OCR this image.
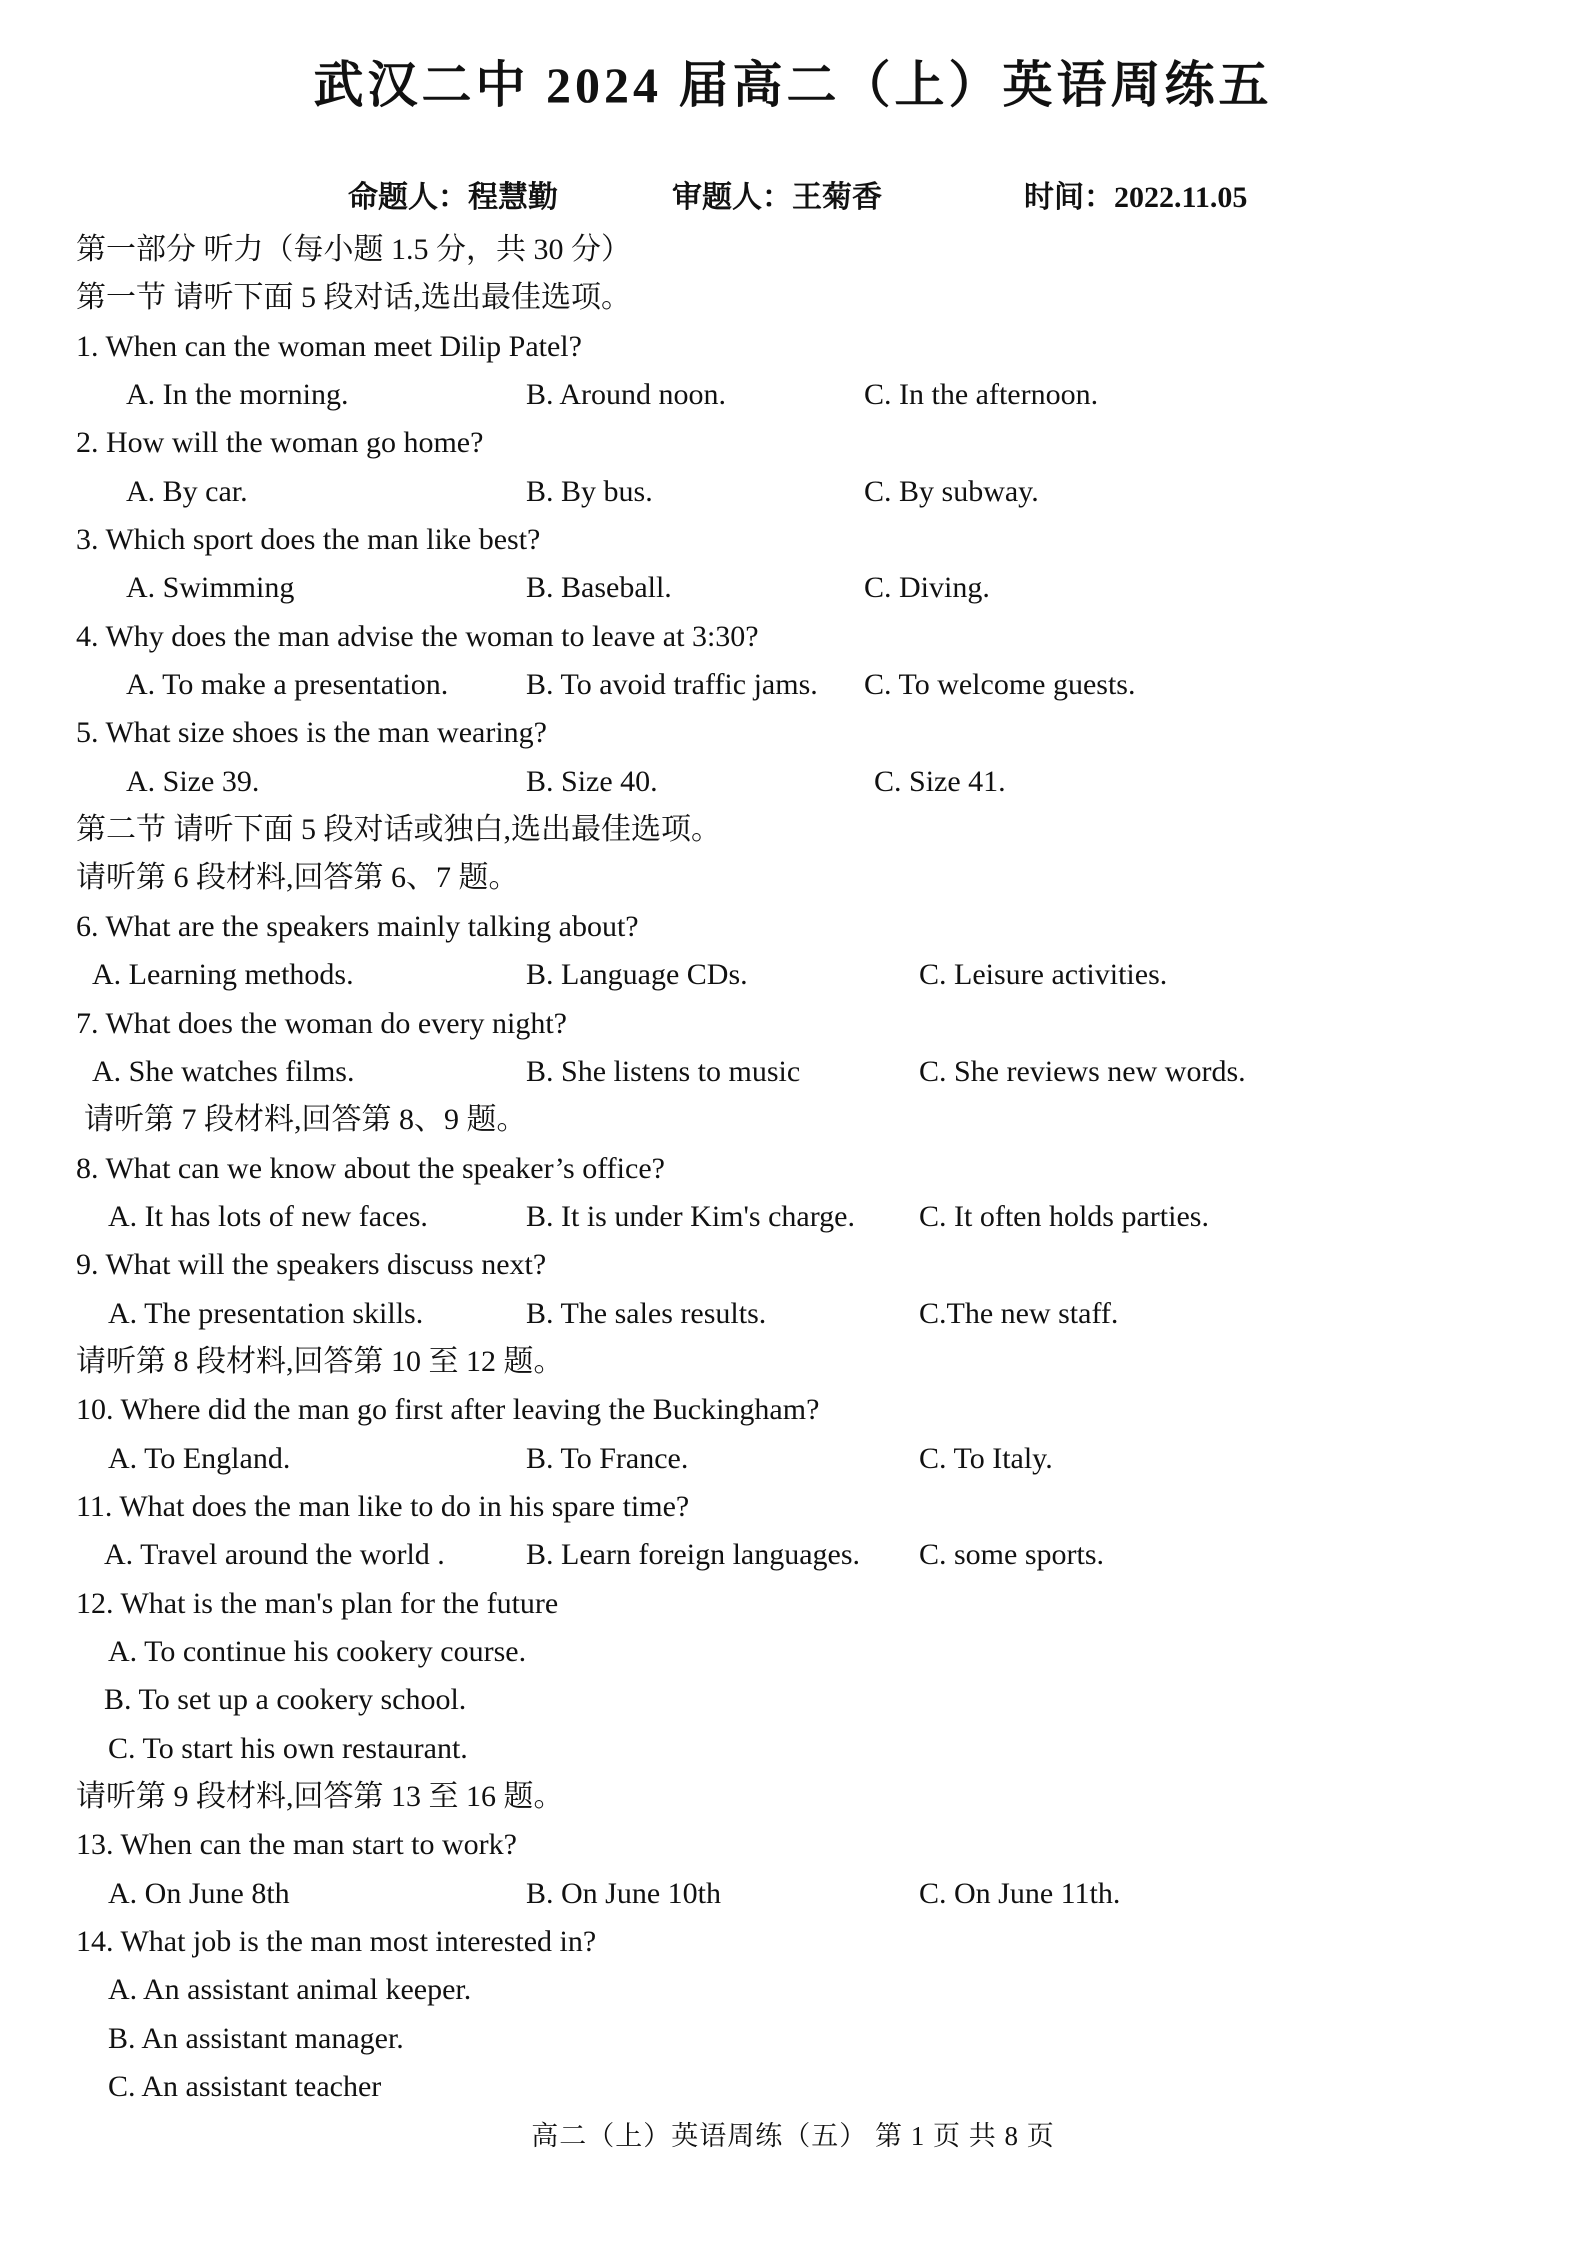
武汉二中 2024 届高二（上）英语周练五
命题人：程慧勤	审题人：王菊香	时间：2022.11.05
第一部分 听力（每小题 1.5 分，共 30 分）
第一节 请听下面 5 段对话,选出最佳选项。
1. When can the woman meet Dilip Patel?
A. In the morning.	B. Around noon.	C. In the afternoon.
2. How will the woman go home?
A. By car.	B. By bus.	C. By subway.
3. Which sport does the man like best?
A. Swimming	B. Baseball.	C. Diving.
4. Why does the man advise the woman to leave at 3:30?
A. To make a presentation.	B. To avoid traffic jams. C. To welcome guests.
5. What size shoes is the man wearing?
A. Size 39.	B. Size 40.	C. Size 41.
第二节 请听下面 5 段对话或独白,选出最佳选项。
请听第 6 段材料,回答第 6、7 题。
6. What are the speakers mainly talking about?
A. Learning methods.	B. Language CDs.	C. Leisure activities.
7. What does the woman do every night?
A. She watches films.	B. She listens to music	C. She reviews new words.
请听第 7 段材料,回答第 8、9 题。
8. What can we know about the speaker’s office?
A. It has lots of new faces.	B. It is under Kim's charge. C. It often holds parties.
9. What will the speakers discuss next?
A. The presentation skills.	B. The sales results.	C.The new staff.
请听第 8 段材料,回答第 10 至 12 题。
10. Where did the man go first after leaving the Buckingham?
A. To England.	B. To France.	C. To Italy.
11. What does the man like to do in his spare time?
A. Travel around the world .	B. Learn foreign languages. C. some sports.
12. What is the man's plan for the future
A. To continue his cookery course.
B. To set up a cookery school.
C. To start his own restaurant.
请听第 9 段材料,回答第 13 至 16 题。
13. When can the man start to work?
A. On June 8th	B. On June 10th	C. On June 11th.
14. What job is the man most interested in?
A. An assistant animal keeper.
B. An assistant manager.
C. An assistant teacher
高二（上）英语周练（五） 第 1 页 共 8 页
